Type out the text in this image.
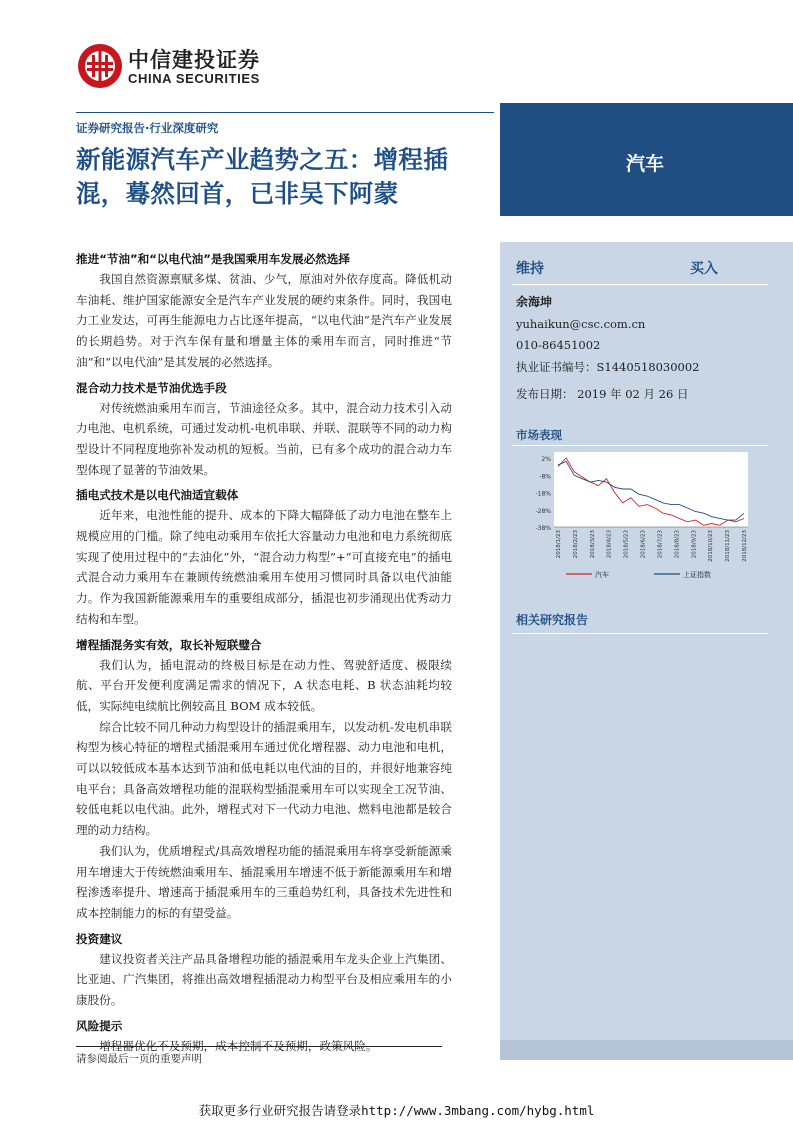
中信建投证券
CHINA SECURITIES
证券研究报告·行业深度研究
新能源汽车产业趋势之五：增程插混，蓦然回首，已非吴下阿蒙
汽车
维持	买入
余海坤
yuhaikun@csc.com.cn
010-86451002
执业证书编号：S1440518030002
发布日期： 2019 年 02 月 26 日
市场表现
2%
-8%
-18%
-28%
-38%
2018/1/23 2018/2/23 2018/3/23 2018/4/23 2018/5/23 2018/6/23 2018/7/23 2018/8/23 2018/9/23 2018/10/23 2018/11/23 2018/12/23
汽车	上证指数
相关研究报告
推进“节油”和“以电代油”是我国乘用车发展必然选择

我国自然资源禀赋多煤、贫油、少气，原油对外依存度高。降低机动车油耗、维护国家能源安全是汽车产业发展的硬约束条件。同时，我国电力工业发达，可再生能源电力占比逐年提高，“以电代油”是汽车产业发展的长期趋势。对于汽车保有量和增量主体的乘用车而言，同时推进“节油”和“以电代油”是其发展的必然选择。

混合动力技术是节油优选手段

对传统燃油乘用车而言，节油途径众多。其中，混合动力技术引入动力电池、电机系统，可通过发动机-电机串联、并联、混联等不同的动力构型设计不同程度地弥补发动机的短板。当前，已有多个成功的混合动力车型体现了显著的节油效果。

插电式技术是以电代油适宜载体

近年来，电池性能的提升、成本的下降大幅降低了动力电池在整车上规模应用的门槛。除了纯电动乘用车依托大容量动力电池和电力系统彻底实现了使用过程中的“去油化”外，“混合动力构型”+“可直接充电”的插电式混合动力乘用车在兼顾传统燃油乘用车使用习惯同时具备以电代油能力。作为我国新能源乘用车的重要组成部分，插混也初步涌现出优秀动力结构和车型。

增程插混务实有效，取长补短联璧合

我们认为，插电混动的终极目标是在动力性、驾驶舒适度、极限续航、平台开发便利度满足需求的情况下，A 状态电耗、B 状态油耗均较低，实际纯电续航比例较高且 BOM 成本较低。

综合比较不同几种动力构型设计的插混乘用车，以发动机-发电机串联构型为核心特征的增程式插混乘用车通过优化增程器、动力电池和电机，可以以较低成本基本达到节油和低电耗以电代油的目的，并很好地兼容纯电平台；具备高效增程功能的混联构型插混乘用车可以实现全工况节油、较低电耗以电代油。此外，增程式对下一代动力电池、燃料电池都是较合理的动力结构。

我们认为，优质增程式/具高效增程功能的插混乘用车将享受新能源乘用车增速大于传统燃油乘用车、插混乘用车增速不低于新能源乘用车和增程渗透率提升、增速高于插混乘用车的三重趋势红利，具备技术先进性和成本控制能力的标的有望受益。

投资建议

建议投资者关注产品具备增程功能的插混乘用车龙头企业上汽集团、比亚迪、广汽集团，将推出高效增程插混动力构型平台及相应乘用车的小康股份。

风险提示

增程器优化不及预期，成本控制不及预期，政策风险。

请参阅最后一页的重要声明
获取更多行业研究报告请登录http://www.3mbang.com/hybg.html
